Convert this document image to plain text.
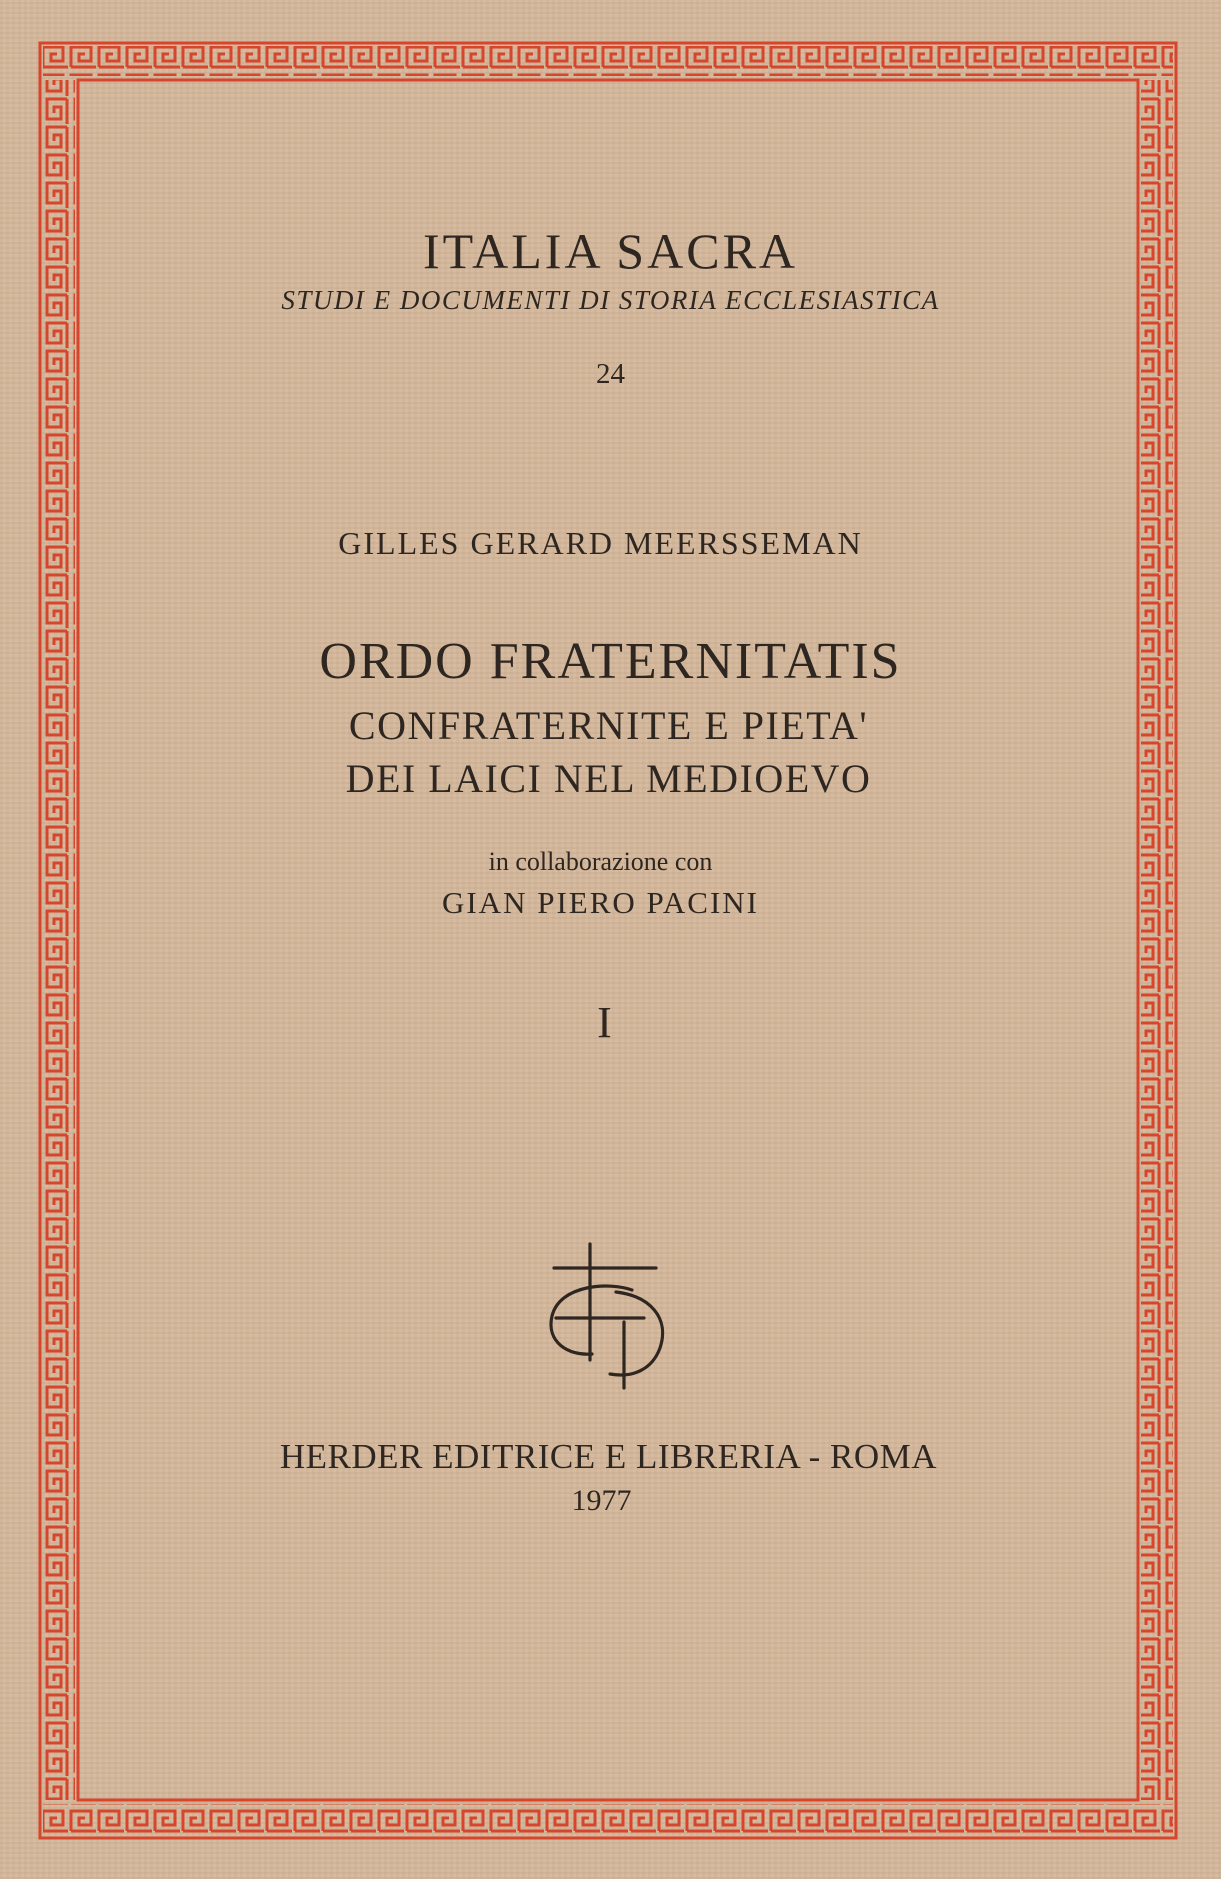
ITALIA SACRA
STUDI E DOCUMENTI DI STORIA ECCLESIASTICA
24
GILLES GERARD MEERSSEMAN
ORDO FRATERNITATIS
CONFRATERNITE E PIETA'
DEI LAICI NEL MEDIOEVO
in collaborazione con
GIAN PIERO PACINI
I
HERDER EDITRICE E LIBRERIA - ROMA
1977
